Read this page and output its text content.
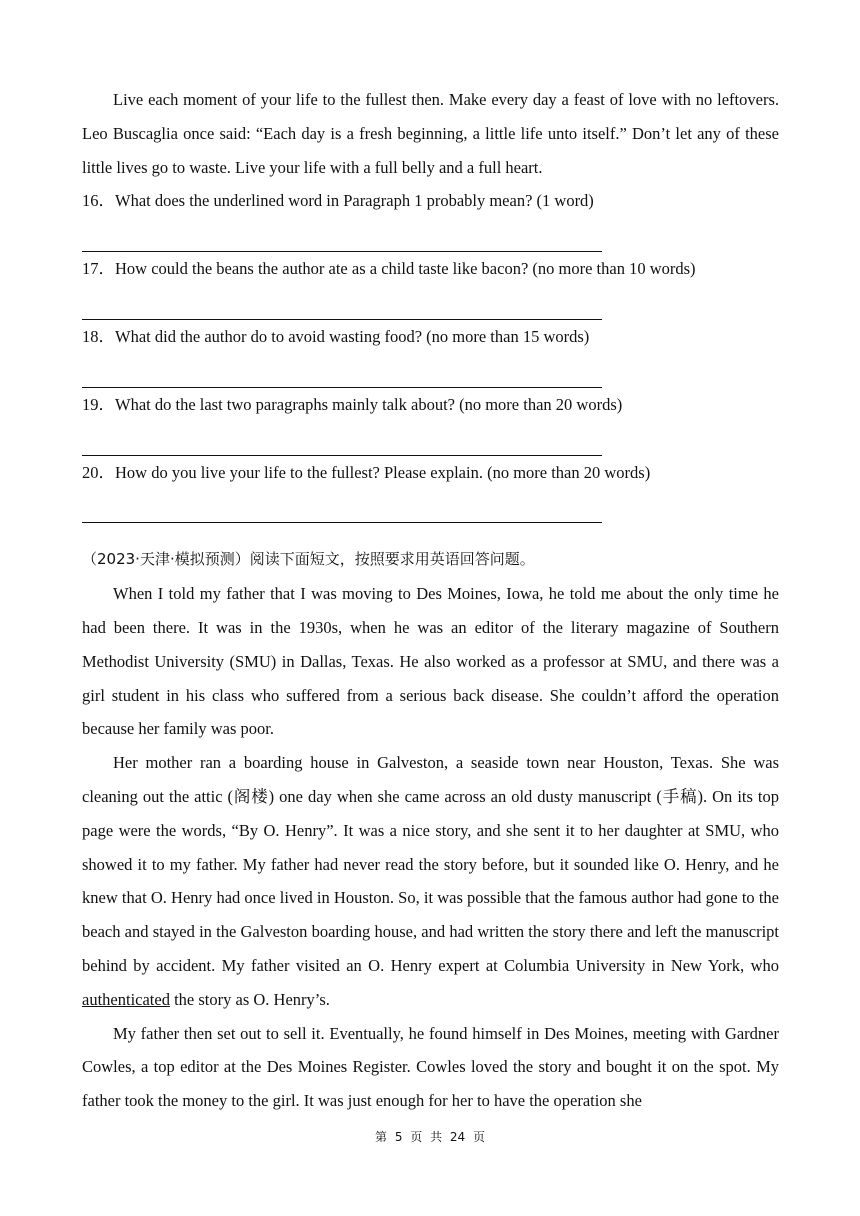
Live each moment of your life to the fullest then. Make every day a feast of love with no leftovers. Leo Buscaglia once said: “Each day is a fresh beginning, a little life unto itself.” Don’t let any of these little lives go to waste. Live your life with a full belly and a full heart.

16．What does the underlined word in Paragraph 1 probably mean? (1 word)

17．How could the beans the author ate as a child taste like bacon? (no more than 10 words)

18．What did the author do to avoid wasting food? (no more than 15 words)

19．What do the last two paragraphs mainly talk about? (no more than 20 words)

20．How do you live your life to the fullest? Please explain. (no more than 20 words)

（2023·天津·模拟预测）阅读下面短文，按照要求用英语回答问题。

When I told my father that I was moving to Des Moines, Iowa, he told me about the only time he had been there. It was in the 1930s, when he was an editor of the literary magazine of Southern Methodist University (SMU) in Dallas, Texas. He also worked as a professor at SMU, and there was a girl student in his class who suffered from a serious back disease. She couldn’t afford the operation because her family was poor.

Her mother ran a boarding house in Galveston, a seaside town near Houston, Texas. She was cleaning out the attic (阁楼) one day when she came across an old dusty manuscript (手稿). On its top page were the words, “By O. Henry”. It was a nice story, and she sent it to her daughter at SMU, who showed it to my father. My father had never read the story before, but it sounded like O. Henry, and he knew that O. Henry had once lived in Houston. So, it was possible that the famous author had gone to the beach and stayed in the Galveston boarding house, and had written the story there and left the manuscript behind by accident. My father visited an O. Henry expert at Columbia University in New York, who authenticated the story as O. Henry’s.

My father then set out to sell it. Eventually, he found himself in Des Moines, meeting with Gardner Cowles, a top editor at the Des Moines Register. Cowles loved the story and bought it on the spot. My father took the money to the girl. It was just enough for her to have the operation she

第 5 页 共 24 页
